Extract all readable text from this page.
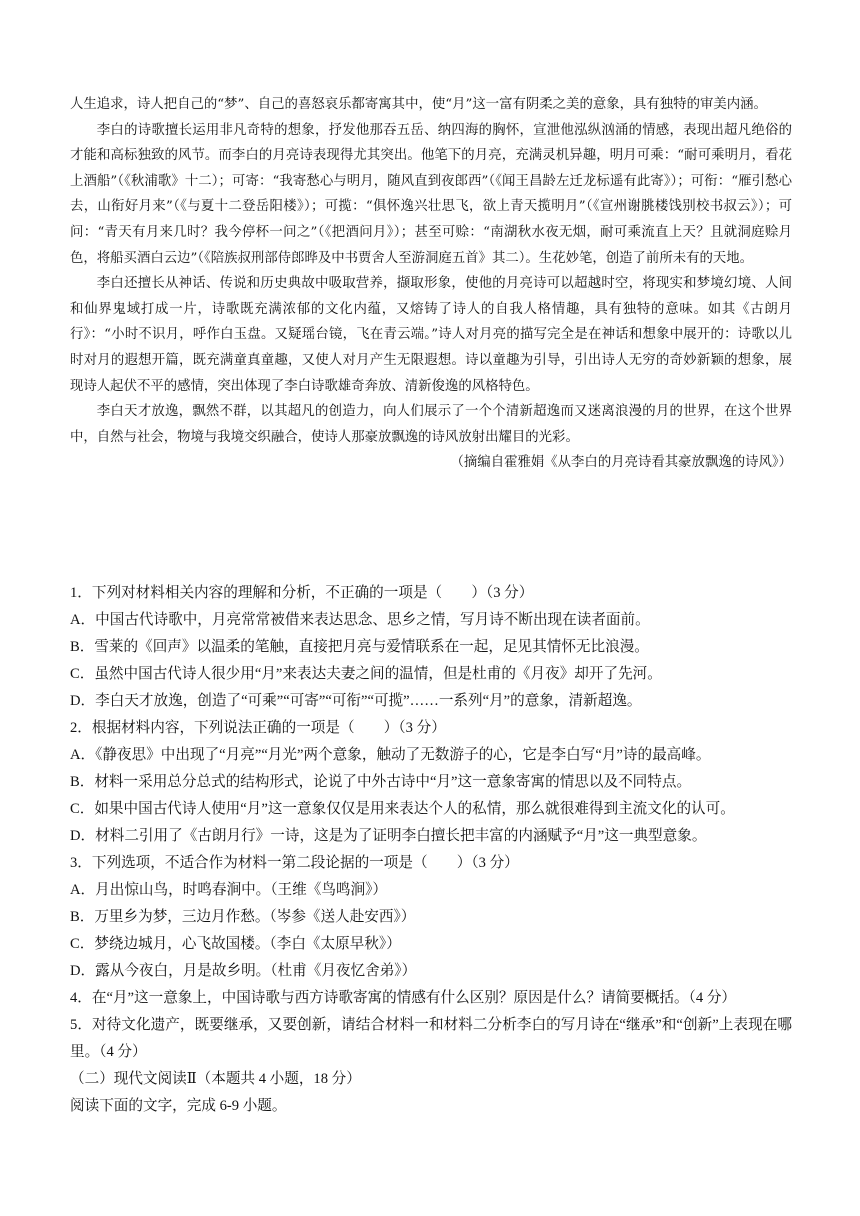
人生追求，诗人把自己的“梦”、自己的喜怒哀乐都寄寓其中，使“月”这一富有阴柔之美的意象，具有独特的审美内涵。

李白的诗歌擅长运用非凡奇特的想象，抒发他那吞五岳、纳四海的胸怀，宣泄他泓纵汹涌的情感，表现出超凡绝俗的才能和高标独致的风节。而李白的月亮诗表现得尤其突出。他笔下的月亮，充满灵机异趣，明月可乘：“耐可乘明月，看花上酒船”（《秋浦歌》十二）；可寄：“我寄愁心与明月，随风直到夜郎西”（《闻王昌龄左迁龙标遥有此寄》）；可衔：“雁引愁心去，山衔好月来”（《与夏十二登岳阳楼》）；可揽：“俱怀逸兴壮思飞，欲上青天揽明月”（《宣州谢朓楼饯别校书叔云》）；可问：“青天有月来几时？我今停杯一问之”（《把酒问月》）；甚至可赊：“南湖秋水夜无烟，耐可乘流直上天？且就洞庭赊月色，将船买酒白云边”（《陪族叔刑部侍郎晔及中书贾舍人至游洞庭五首》其二）。生花妙笔，创造了前所未有的天地。

李白还擅长从神话、传说和历史典故中吸取营养，撷取形象，使他的月亮诗可以超越时空，将现实和梦境幻境、人间和仙界鬼域打成一片，诗歌既充满浓郁的文化内蕴，又熔铸了诗人的自我人格情趣，具有独特的意味。如其《古朗月行》：“小时不识月，呼作白玉盘。又疑瑶台镜，飞在青云端。”诗人对月亮的描写完全是在神话和想象中展开的：诗歌以儿时对月的遐想开篇，既充满童真童趣，又使人对月产生无限遐想。诗以童趣为引导，引出诗人无穷的奇妙新颖的想象，展现诗人起伏不平的感情，突出体现了李白诗歌雄奇奔放、清新俊逸的风格特色。

李白天才放逸，飘然不群，以其超凡的创造力，向人们展示了一个个清新超逸而又迷离浪漫的月的世界，在这个世界中，自然与社会，物境与我境交织融合，使诗人那豪放飘逸的诗风放射出耀目的光彩。

（摘编自霍雅娟《从李白的月亮诗看其豪放飘逸的诗风》）

1．下列对材料相关内容的理解和分析，不正确的一项是（　　）（3 分）

A．中国古代诗歌中，月亮常常被借来表达思念、思乡之情，写月诗不断出现在读者面前。

B．雪莱的《回声》以温柔的笔触，直接把月亮与爱情联系在一起，足见其情怀无比浪漫。

C．虽然中国古代诗人很少用“月”来表达夫妻之间的温情，但是杜甫的《月夜》却开了先河。

D．李白天才放逸，创造了“可乘”“可寄”“可衔”“可揽”……一系列“月”的意象，清新超逸。

2．根据材料内容，下列说法正确的一项是（　　）（3 分）

A．《静夜思》中出现了“月亮”“月光”两个意象，触动了无数游子的心，它是李白写“月”诗的最高峰。

B．材料一采用总分总式的结构形式，论说了中外古诗中“月”这一意象寄寓的情思以及不同特点。

C．如果中国古代诗人使用“月”这一意象仅仅是用来表达个人的私情，那么就很难得到主流文化的认可。

D．材料二引用了《古朗月行》一诗，这是为了证明李白擅长把丰富的内涵赋予“月”这一典型意象。

3．下列选项，不适合作为材料一第二段论据的一项是（　　）（3 分）

A．月出惊山鸟，时鸣春涧中。（王维《鸟鸣涧》）

B．万里乡为梦，三边月作愁。（岑参《送人赴安西》）

C．梦绕边城月，心飞故国楼。（李白《太原早秋》）

D．露从今夜白，月是故乡明。（杜甫《月夜忆舍弟》）

4．在“月”这一意象上，中国诗歌与西方诗歌寄寓的情感有什么区别？原因是什么？请简要概括。（4 分）

5．对待文化遗产，既要继承，又要创新，请结合材料一和材料二分析李白的写月诗在“继承”和“创新”上表现在哪里。（4 分）

（二）现代文阅读Ⅱ（本题共 4 小题，18 分）

阅读下面的文字，完成 6-9 小题。
